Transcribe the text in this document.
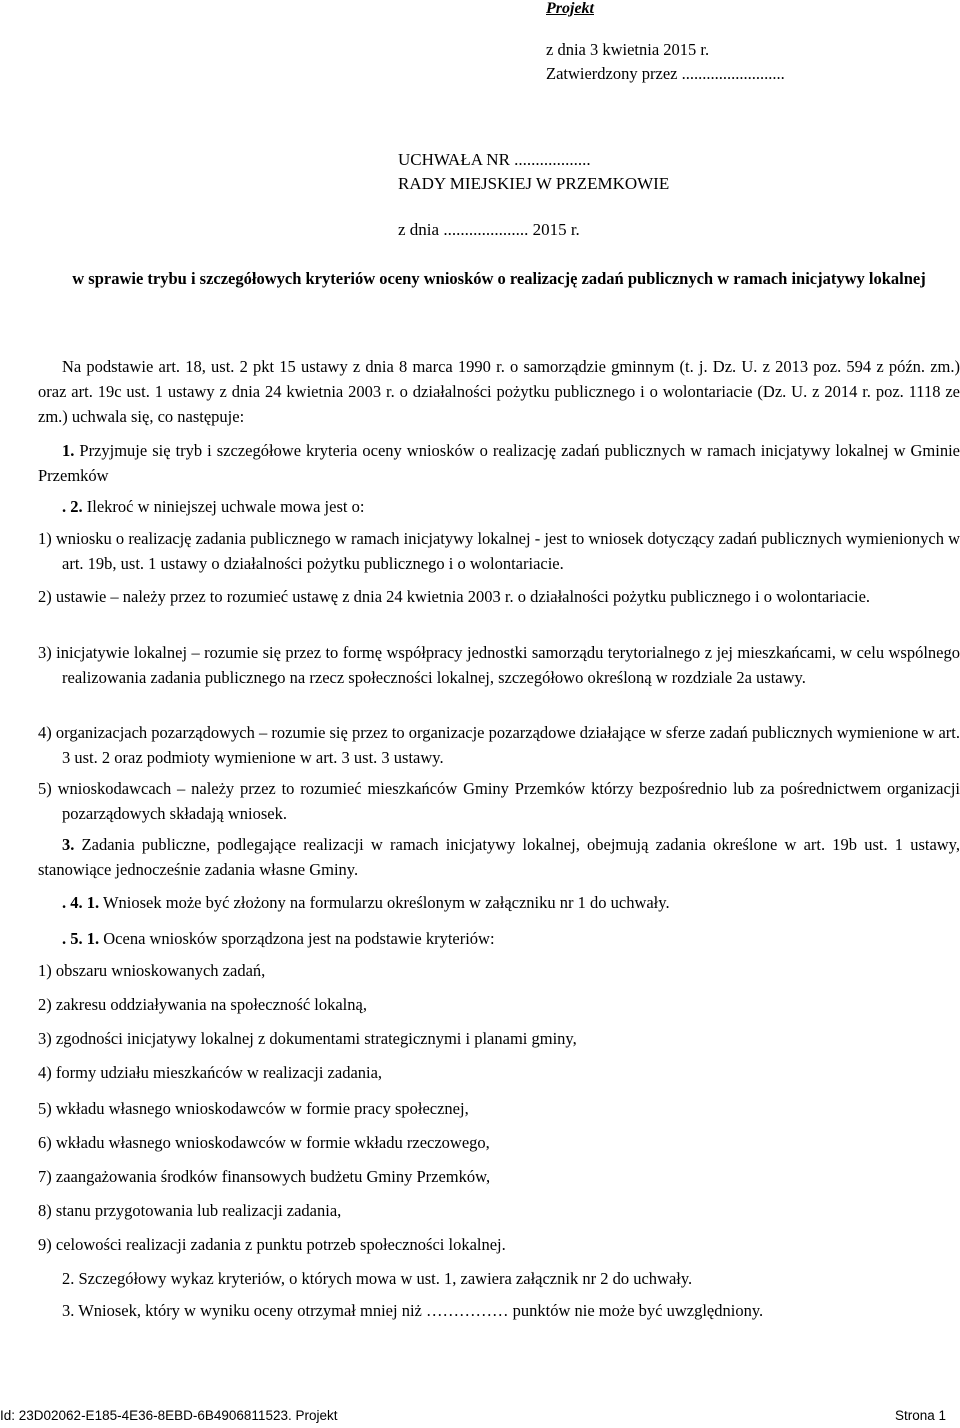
Projekt
z dnia 3 kwietnia 2015 r.
Zatwierdzony przez .........................
UCHWAŁA NR ..................
RADY MIEJSKIEJ W PRZEMKOWIE
z dnia .................... 2015 r.
w sprawie trybu i szczegółowych kryteriów oceny wniosków o realizację zadań publicznych w ramach inicjatywy lokalnej
Na podstawie art. 18, ust. 2 pkt 15 ustawy z dnia 8 marca 1990 r. o samorządzie gminnym (t. j. Dz. U. z 2013 poz. 594 z późn. zm.) oraz art. 19c ust. 1 ustawy z dnia 24 kwietnia 2003 r. o działalności pożytku publicznego i o wolontariacie (Dz. U. z 2014 r. poz. 1118 ze zm.) uchwala się, co następuje:
1. Przyjmuje się tryb i szczegółowe kryteria oceny wniosków o realizację zadań publicznych w ramach inicjatywy lokalnej w Gminie Przemków
. 2. Ilekroć w niniejszej uchwale mowa jest o:
1) wniosku o realizację zadania publicznego w ramach inicjatywy lokalnej - jest to wniosek dotyczący zadań publicznych wymienionych w art. 19b, ust. 1 ustawy o działalności pożytku publicznego i o wolontariacie.
2) ustawie – należy przez to rozumieć ustawę z dnia 24 kwietnia 2003 r. o działalności pożytku publicznego i o wolontariacie.
3) inicjatywie lokalnej – rozumie się przez to formę współpracy jednostki samorządu terytorialnego z jej mieszkańcami, w celu wspólnego realizowania zadania publicznego na rzecz społeczności lokalnej, szczegółowo określoną w rozdziale 2a ustawy.
4) organizacjach pozarządowych – rozumie się przez to organizacje pozarządowe działające w sferze zadań publicznych wymienione w art. 3 ust. 2 oraz podmioty wymienione w art. 3 ust. 3 ustawy.
5) wnioskodawcach – należy przez to rozumieć mieszkańców Gminy Przemków którzy bezpośrednio lub za pośrednictwem organizacji pozarządowych składają wniosek.
3. Zadania publiczne, podlegające realizacji w ramach inicjatywy lokalnej, obejmują zadania określone w art. 19b ust. 1 ustawy, stanowiące jednocześnie zadania własne Gminy.
. 4. 1. Wniosek może być złożony na formularzu określonym w załączniku nr 1 do uchwały.
. 5. 1. Ocena wniosków sporządzona jest na podstawie kryteriów:
1) obszaru wnioskowanych zadań,
2) zakresu oddziaływania na społeczność lokalną,
3) zgodności inicjatywy lokalnej z dokumentami strategicznymi i planami gminy,
4) formy udziału mieszkańców w realizacji zadania,
5) wkładu własnego wnioskodawców w formie pracy społecznej,
6) wkładu własnego wnioskodawców w formie wkładu rzeczowego,
7) zaangażowania środków finansowych budżetu Gminy Przemków,
8) stanu przygotowania lub realizacji zadania,
9) celowości realizacji zadania z punktu potrzeb społeczności lokalnej.
2. Szczegółowy wykaz kryteriów, o których mowa w ust. 1, zawiera załącznik nr 2 do uchwały.
3. Wniosek, który w wyniku oceny otrzymał mniej niż …………… punktów nie może być uwzględniony.
Id: 23D02062-E185-4E36-8EBD-6B4906811523. Projekt	Strona 1
